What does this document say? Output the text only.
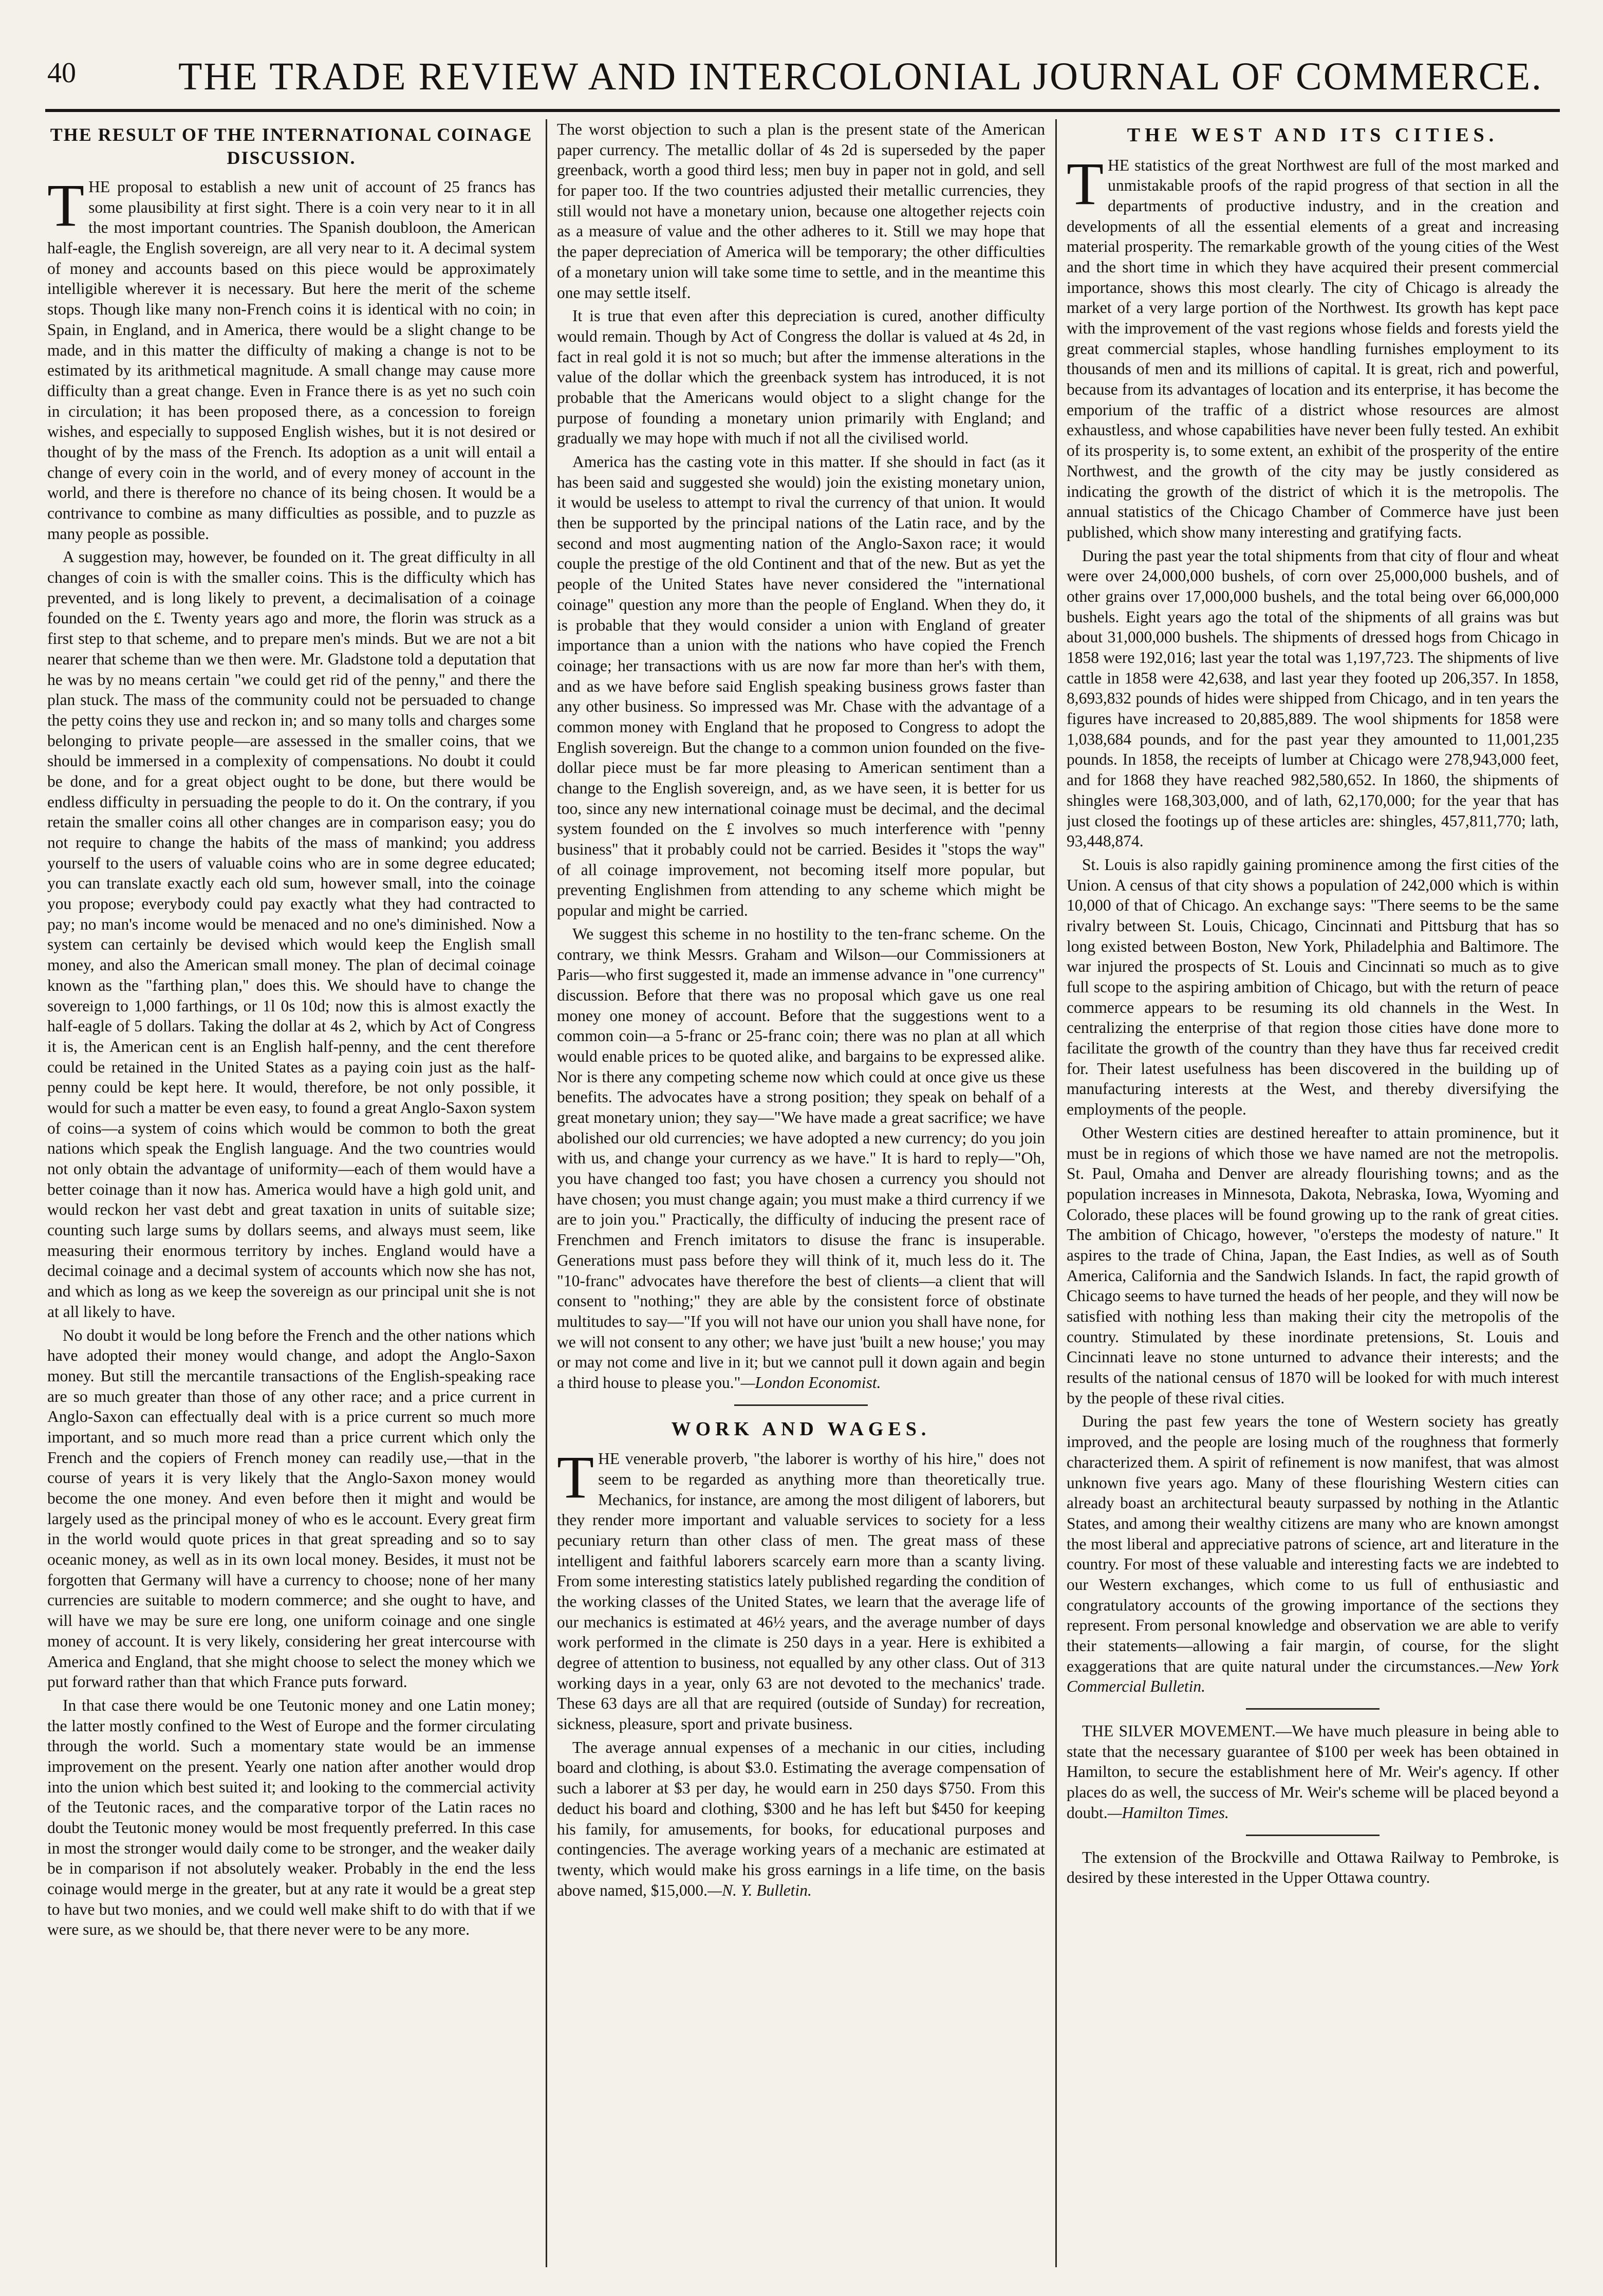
40	THE TRADE REVIEW AND INTERCOLONIAL JOURNAL OF COMMERCE.
THE RESULT OF THE INTERNATIONAL COINAGE DISCUSSION.

THE proposal to establish a new unit of account of 25 francs has some plausibility at first sight. There is a coin very near to it in all the most important countries. The Spanish doubloon, the American half-eagle, the English sovereign, are all very near to it. A decimal system of money and accounts based on this piece would be approximately intelligible wherever it is necessary. But here the merit of the scheme stops. Though like many non-French coins it is identical with no coin; in Spain, in England, and in America, there would be a slight change to be made, and in this matter the difficulty of making a change is not to be estimated by its arithmetical magnitude. A small change may cause more difficulty than a great change. Even in France there is as yet no such coin in circulation; it has been proposed there, as a concession to foreign wishes, and especially to supposed English wishes, but it is not desired or thought of by the mass of the French. Its adoption as a unit will entail a change of every coin in the world, and of every money of account in the world, and there is therefore no chance of its being chosen. It would be a contrivance to combine as many difficulties as possible, and to puzzle as many people as possible.

A suggestion may, however, be founded on it. The great difficulty in all changes of coin is with the smaller coins. This is the difficulty which has prevented, and is long likely to prevent, a decimalisation of a coinage founded on the £. Twenty years ago and more, the florin was struck as a first step to that scheme, and to prepare men's minds. But we are not a bit nearer that scheme than we then were. Mr. Gladstone told a deputation that he was by no means certain "we could get rid of the penny," and there the plan stuck. The mass of the community could not be persuaded to change the petty coins they use and reckon in; and so many tolls and charges some belonging to private people—are assessed in the smaller coins, that we should be immersed in a complexity of compensations. No doubt it could be done, and for a great object ought to be done, but there would be endless difficulty in persuading the people to do it. On the contrary, if you retain the smaller coins all other changes are in comparison easy; you do not require to change the habits of the mass of mankind; you address yourself to the users of valuable coins who are in some degree educated; you can translate exactly each old sum, however small, into the coinage you propose; everybody could pay exactly what they had contracted to pay; no man's income would be menaced and no one's diminished. Now a system can certainly be devised which would keep the English small money, and also the American small money. The plan of decimal coinage known as the "farthing plan," does this. We should have to change the sovereign to 1,000 farthings, or 1l 0s 10d; now this is almost exactly the half-eagle of 5 dollars. Taking the dollar at 4s 2, which by Act of Congress it is, the American cent is an English half-penny, and the cent therefore could be retained in the United States as a paying coin just as the half-penny could be kept here. It would, therefore, be not only possible, it would for such a matter be even easy, to found a great Anglo-Saxon system of coins—a system of coins which would be common to both the great nations which speak the English language. And the two countries would not only obtain the advantage of uniformity—each of them would have a better coinage than it now has. America would have a high gold unit, and would reckon her vast debt and great taxation in units of suitable size; counting such large sums by dollars seems, and always must seem, like measuring their enormous territory by inches. England would have a decimal coinage and a decimal system of accounts which now she has not, and which as long as we keep the sovereign as our principal unit she is not at all likely to have.

No doubt it would be long before the French and the other nations which have adopted their money would change, and adopt the Anglo-Saxon money. But still the mercantile transactions of the English-speaking race are so much greater than those of any other race; and a price current in Anglo-Saxon can effectually deal with is a price current so much more important, and so much more read than a price current which only the French and the copiers of French money can readily use,—that in the course of years it is very likely that the Anglo-Saxon money would become the one money. And even before then it might and would be largely used as the principal money of who es le account. Every great firm in the world would quote prices in that great spreading and so to say oceanic money, as well as in its own local money. Besides, it must not be forgotten that Germany will have a currency to choose; none of her many currencies are suitable to modern commerce; and she ought to have, and will have we may be sure ere long, one uniform coinage and one single money of account. It is very likely, considering her great intercourse with America and England, that she might choose to select the money which we put forward rather than that which France puts forward.

In that case there would be one Teutonic money and one Latin money; the latter mostly confined to the West of Europe and the former circulating through the world. Such a momentary state would be an immense improvement on the present. Yearly one nation after another would drop into the union which best suited it; and looking to the commercial activity of the Teutonic races, and the comparative torpor of the Latin races no doubt the Teutonic money would be most frequently preferred. In this case in most the stronger would daily come to be stronger, and the weaker daily be in comparison if not absolutely weaker. Probably in the end the less coinage would merge in the greater, but at any rate it would be a great step to have but two monies, and we could well make shift to do with that if we were sure, as we should be, that there never were to be any more.

The worst objection to such a plan is the present state of the American paper currency. The metallic dollar of 4s 2d is superseded by the paper greenback, worth a good third less; men buy in paper not in gold, and sell for paper too. If the two countries adjusted their metallic currencies, they still would not have a monetary union, because one altogether rejects coin as a measure of value and the other adheres to it. Still we may hope that the paper depreciation of America will be temporary; the other difficulties of a monetary union will take some time to settle, and in the meantime this one may settle itself.

It is true that even after this depreciation is cured, another difficulty would remain. Though by Act of Congress the dollar is valued at 4s 2d, in fact in real gold it is not so much; but after the immense alterations in the value of the dollar which the greenback system has introduced, it is not probable that the Americans would object to a slight change for the purpose of founding a monetary union primarily with England; and gradually we may hope with much if not all the civilised world.

America has the casting vote in this matter. If she should in fact (as it has been said and suggested she would) join the existing monetary union, it would be useless to attempt to rival the currency of that union. It would then be supported by the principal nations of the Latin race, and by the second and most augmenting nation of the Anglo-Saxon race; it would couple the prestige of the old Continent and that of the new. But as yet the people of the United States have never considered the "international coinage" question any more than the people of England. When they do, it is probable that they would consider a union with England of greater importance than a union with the nations who have copied the French coinage; her transactions with us are now far more than her's with them, and as we have before said English speaking business grows faster than any other business. So impressed was Mr. Chase with the advantage of a common money with England that he proposed to Congress to adopt the English sovereign. But the change to a common union founded on the five-dollar piece must be far more pleasing to American sentiment than a change to the English sovereign, and, as we have seen, it is better for us too, since any new international coinage must be decimal, and the decimal system founded on the £ involves so much interference with "penny business" that it probably could not be carried. Besides it "stops the way" of all coinage improvement, not becoming itself more popular, but preventing Englishmen from attending to any scheme which might be popular and might be carried.

We suggest this scheme in no hostility to the ten-franc scheme. On the contrary, we think Messrs. Graham and Wilson—our Commissioners at Paris—who first suggested it, made an immense advance in "one currency" discussion. Before that there was no proposal which gave us one real money one money of account. Before that the suggestions went to a common coin—a 5-franc or 25-franc coin; there was no plan at all which would enable prices to be quoted alike, and bargains to be expressed alike. Nor is there any competing scheme now which could at once give us these benefits. The advocates have a strong position; they speak on behalf of a great monetary union; they say—"We have made a great sacrifice; we have abolished our old currencies; we have adopted a new currency; do you join with us, and change your currency as we have." It is hard to reply—"Oh, you have changed too fast; you have chosen a currency you should not have chosen; you must change again; you must make a third currency if we are to join you." Practically, the difficulty of inducing the present race of Frenchmen and French imitators to disuse the franc is insuperable. Generations must pass before they will think of it, much less do it. The "10-franc" advocates have therefore the best of clients—a client that will consent to "nothing;" they are able by the consistent force of obstinate multitudes to say—"If you will not have our union you shall have none, for we will not consent to any other; we have just 'built a new house;' you may or may not come and live in it; but we cannot pull it down again and begin a third house to please you."—London Economist.

WORK AND WAGES.

THE venerable proverb, "the laborer is worthy of his hire," does not seem to be regarded as anything more than theoretically true. Mechanics, for instance, are among the most diligent of laborers, but they render more important and valuable services to society for a less pecuniary return than other class of men. The great mass of these intelligent and faithful laborers scarcely earn more than a scanty living. From some interesting statistics lately published regarding the condition of the working classes of the United States, we learn that the average life of our mechanics is estimated at 46½ years, and the average number of days work performed in the climate is 250 days in a year. Here is exhibited a degree of attention to business, not equalled by any other class. Out of 313 working days in a year, only 63 are not devoted to the mechanics' trade. These 63 days are all that are required (outside of Sunday) for recreation, sickness, pleasure, sport and private business.

The average annual expenses of a mechanic in our cities, including board and clothing, is about $3.0. Estimating the average compensation of such a laborer at $3 per day, he would earn in 250 days $750. From this deduct his board and clothing, $300 and he has left but $450 for keeping his family, for amusements, for books, for educational purposes and contingencies. The average working years of a mechanic are estimated at twenty, which would make his gross earnings in a life time, on the basis above named, $15,000.—N. Y. Bulletin.

THE WEST AND ITS CITIES.

THE statistics of the great Northwest are full of the most marked and unmistakable proofs of the rapid progress of that section in all the departments of productive industry, and in the creation and developments of all the essential elements of a great and increasing material prosperity. The remarkable growth of the young cities of the West and the short time in which they have acquired their present commercial importance, shows this most clearly. The city of Chicago is already the market of a very large portion of the Northwest. Its growth has kept pace with the improvement of the vast regions whose fields and forests yield the great commercial staples, whose handling furnishes employment to its thousands of men and its millions of capital. It is great, rich and powerful, because from its advantages of location and its enterprise, it has become the emporium of the traffic of a district whose resources are almost exhaustless, and whose capabilities have never been fully tested. An exhibit of its prosperity is, to some extent, an exhibit of the prosperity of the entire Northwest, and the growth of the city may be justly considered as indicating the growth of the district of which it is the metropolis. The annual statistics of the Chicago Chamber of Commerce have just been published, which show many interesting and gratifying facts.

During the past year the total shipments from that city of flour and wheat were over 24,000,000 bushels, of corn over 25,000,000 bushels, and of other grains over 17,000,000 bushels, and the total being over 66,000,000 bushels. Eight years ago the total of the shipments of all grains was but about 31,000,000 bushels. The shipments of dressed hogs from Chicago in 1858 were 192,016; last year the total was 1,197,723. The shipments of live cattle in 1858 were 42,638, and last year they footed up 206,357. In 1858, 8,693,832 pounds of hides were shipped from Chicago, and in ten years the figures have increased to 20,885,889. The wool shipments for 1858 were 1,038,684 pounds, and for the past year they amounted to 11,001,235 pounds. In 1858, the receipts of lumber at Chicago were 278,943,000 feet, and for 1868 they have reached 982,580,652. In 1860, the shipments of shingles were 168,303,000, and of lath, 62,170,000; for the year that has just closed the footings up of these articles are: shingles, 457,811,770; lath, 93,448,874.

St. Louis is also rapidly gaining prominence among the first cities of the Union. A census of that city shows a population of 242,000 which is within 10,000 of that of Chicago. An exchange says: "There seems to be the same rivalry between St. Louis, Chicago, Cincinnati and Pittsburg that has so long existed between Boston, New York, Philadelphia and Baltimore. The war injured the prospects of St. Louis and Cincinnati so much as to give full scope to the aspiring ambition of Chicago, but with the return of peace commerce appears to be resuming its old channels in the West. In centralizing the enterprise of that region those cities have done more to facilitate the growth of the country than they have thus far received credit for. Their latest usefulness has been discovered in the building up of manufacturing interests at the West, and thereby diversifying the employments of the people.

Other Western cities are destined hereafter to attain prominence, but it must be in regions of which those we have named are not the metropolis. St. Paul, Omaha and Denver are already flourishing towns; and as the population increases in Minnesota, Dakota, Nebraska, Iowa, Wyoming and Colorado, these places will be found growing up to the rank of great cities. The ambition of Chicago, however, "o'ersteps the modesty of nature." It aspires to the trade of China, Japan, the East Indies, as well as of South America, California and the Sandwich Islands. In fact, the rapid growth of Chicago seems to have turned the heads of her people, and they will now be satisfied with nothing less than making their city the metropolis of the country. Stimulated by these inordinate pretensions, St. Louis and Cincinnati leave no stone unturned to advance their interests; and the results of the national census of 1870 will be looked for with much interest by the people of these rival cities.

During the past few years the tone of Western society has greatly improved, and the people are losing much of the roughness that formerly characterized them. A spirit of refinement is now manifest, that was almost unknown five years ago. Many of these flourishing Western cities can already boast an architectural beauty surpassed by nothing in the Atlantic States, and among their wealthy citizens are many who are known amongst the most liberal and appreciative patrons of science, art and literature in the country. For most of these valuable and interesting facts we are indebted to our Western exchanges, which come to us full of enthusiastic and congratulatory accounts of the growing importance of the sections they represent. From personal knowledge and observation we are able to verify their statements—allowing a fair margin, of course, for the slight exaggerations that are quite natural under the circumstances.—New York Commercial Bulletin.

THE SILVER MOVEMENT.—We have much pleasure in being able to state that the necessary guarantee of $100 per week has been obtained in Hamilton, to secure the establishment here of Mr. Weir's agency. If other places do as well, the success of Mr. Weir's scheme will be placed beyond a doubt.—Hamilton Times.

The extension of the Brockville and Ottawa Railway to Pembroke, is desired by these interested in the Upper Ottawa country.
